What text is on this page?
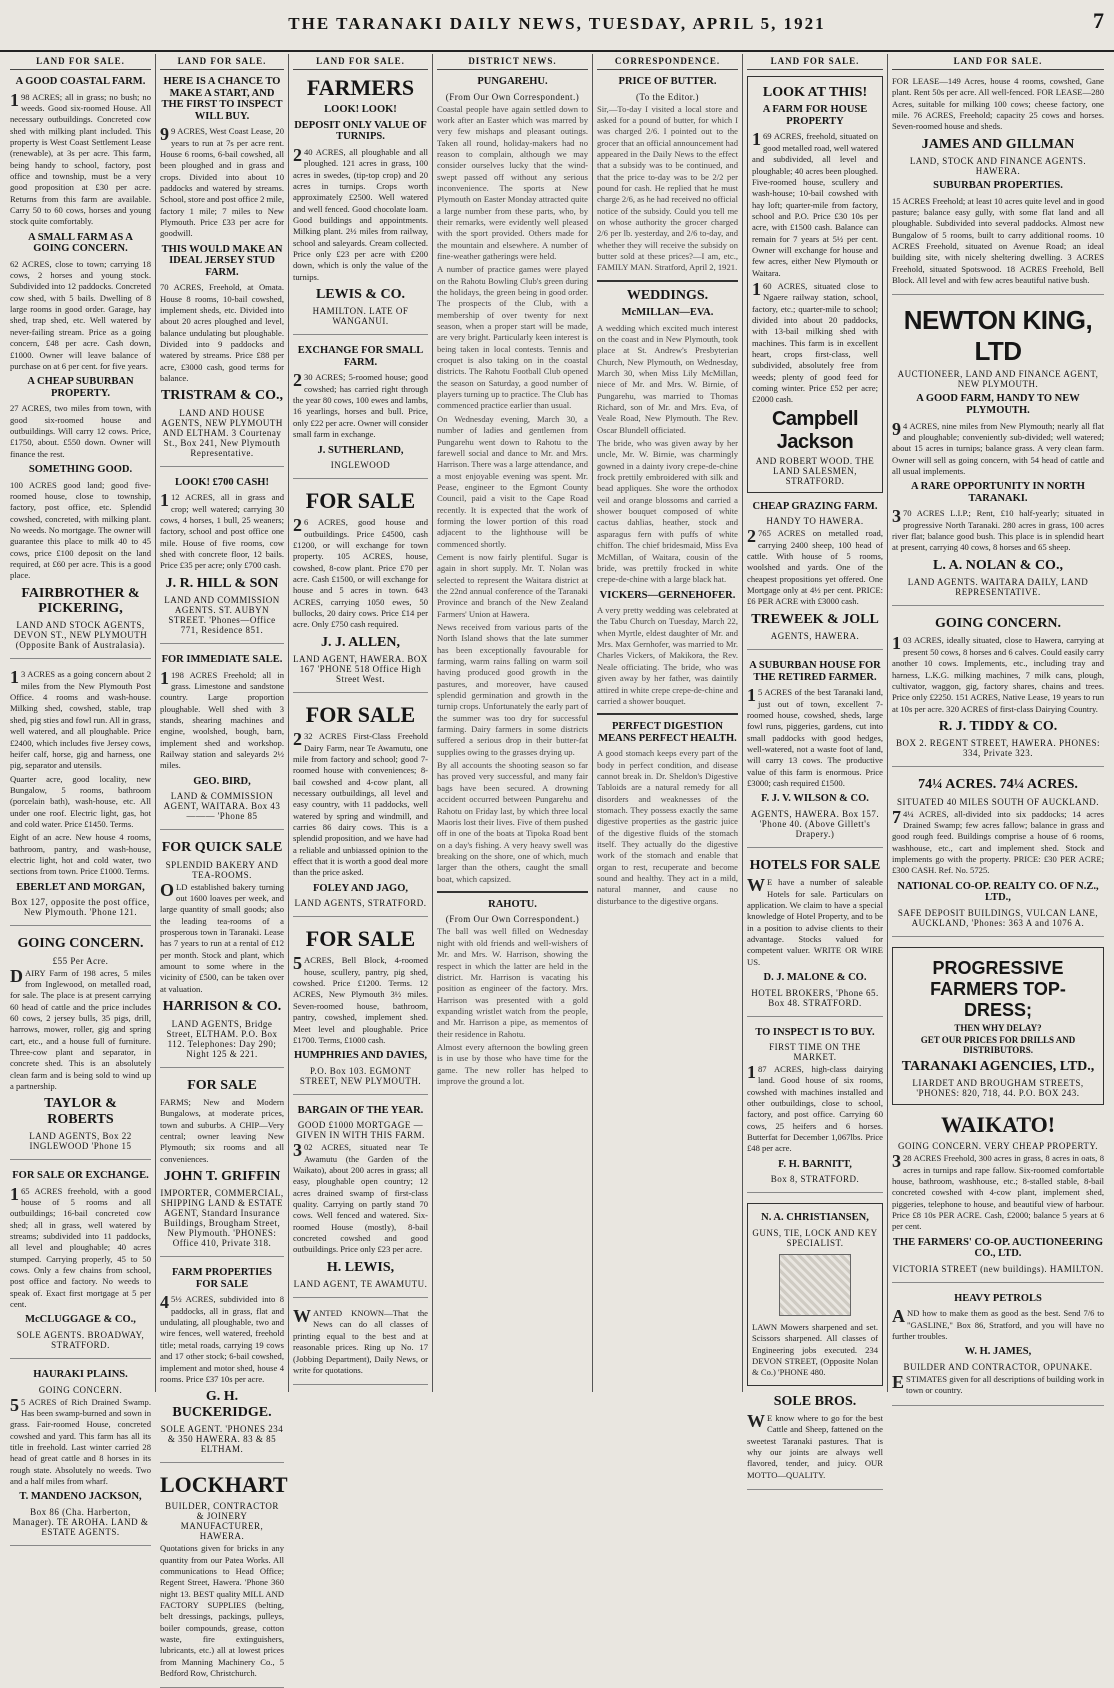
THE TARANAKI DAILY NEWS, TUESDAY, APRIL 5, 1921	7
LAND FOR SALE.
A GOOD COASTAL FARM.
198 ACRES; all in grass; no bush; no weeds. Good six-roomed House. All necessary outbuildings. Concreted cow shed with milking plant included. This property is West Coast Settlement Lease (renewable), at 3s per acre. This farm, being handy to school, factory, post office and township, must be a very good proposition at £30 per acre. Returns from this farm are available. Carry 50 to 60 cows, horses and young stock quite comfortably.
A SMALL FARM AS A GOING CONCERN.
62 ACRES, close to town; carrying 18 cows, 2 horses and young stock. Subdivided into 12 paddocks. Concreted cow shed, with 5 bails. Dwelling of 8 large rooms in good order. Garage, hay shed, trap shed, etc. Well watered by never-failing stream. Price as a going concern, £48 per acre. Cash down, £1000. Owner will leave balance of purchase on at 6 per cent. for five years.
A CHEAP SUBURBAN PROPERTY.
27 ACRES, two miles from town, with good six-roomed house and outbuildings. Will carry 12 cows. Price, £1750, about. £550 down. Owner will finance the rest.
SOMETHING GOOD.
100 ACRES good land; good five-roomed house, close to township, factory, post office, etc. Splendid cowshed, concreted, with milking plant. No weeds. No mortgage. The owner will guarantee this place to milk 40 to 45 cows, price £100 deposit on the land required, at £60 per acre. This is a good place.
FAIRBROTHER & PICKERING,
LAND AND STOCK AGENTS, DEVON ST., NEW PLYMOUTH (Opposite Bank of Australasia).
13 ACRES as a going concern about 2 miles from the New Plymouth Post Office. 4 rooms and wash-house. Milking shed, cowshed, stable, trap shed, pig sties and fowl run. All in grass, well watered, and all ploughable. Price £2400, which includes five Jersey cows, heifer calf, horse, gig and harness, one pig, separator and utensils.
Quarter acre, good locality, new Bungalow, 5 rooms, bathroom (porcelain bath), wash-house, etc. All under one roof. Electric light, gas, hot and cold water. Price £1450. Terms.
Eight of an acre. New house 4 rooms, bathroom, pantry, and wash-house, electric light, hot and cold water, two sections from town. Price £1000. Terms.
EBERLET AND MORGAN,
Box 127, opposite the post office, New Plymouth. 'Phone 121.
GOING CONCERN.
£55 Per Acre.
DAIRY Farm of 198 acres, 5 miles from Inglewood, on metalled road, for sale. The place is at present carrying 60 head of cattle and the price includes 60 cows, 2 jersey bulls, 35 pigs, drill, harrows, mower, roller, gig and spring cart, etc., and a house full of furniture. Three-cow plant and separator, in concrete shed. This is an absolutely clean farm and is being sold to wind up a partnership.
TAYLOR & ROBERTS
LAND AGENTS, Box 22 INGLEWOOD 'Phone 15
FOR SALE OR EXCHANGE.
165 ACRES freehold, with a good house of 5 rooms and all outbuildings; 16-bail concreted cow shed; all in grass, well watered by streams; subdivided into 11 paddocks, all level and ploughable; 40 acres stumped. Carrying properly, 45 to 50 cows. Only a few chains from school, post office and factory. No weeds to speak of. Exact first mortgage at 5 per cent.
McCLUGGAGE & CO.,
SOLE AGENTS. BROADWAY, STRATFORD.
HAURAKI PLAINS.
GOING CONCERN.
55 ACRES of Rich Drained Swamp. Has been swamp-burned and sown in grass. Fair-roomed House, concreted cowshed and yard. This farm has all its title in freehold. Last winter carried 28 head of great cattle and 8 horses in its rough state. Absolutely no weeds. Two and a half miles from wharf.
T. MANDENO JACKSON,
Box 86 (Cha. Harberton, Manager). TE AROHA. LAND & ESTATE AGENTS.
LAND FOR SALE.
HERE IS A CHANCE TO MAKE A START, AND THE FIRST TO INSPECT WILL BUY.
99 ACRES, West Coast Lease, 20 years to run at 7s per acre rent. House 6 rooms, 6-bail cowshed, all been ploughed and in grass and crops. Divided into about 10 paddocks and watered by streams. School, store and post office 2 mile, factory 1 mile; 7 miles to New Plymouth. Price £33 per acre for goodwill.
THIS WOULD MAKE AN IDEAL JERSEY STUD FARM.
70 ACRES, Freehold, at Omata. House 8 rooms, 10-bail cowshed, implement sheds, etc. Divided into about 20 acres ploughed and level, balance undulating but ploughable. Divided into 9 paddocks and watered by streams. Price £88 per acre, £3000 cash, good terms for balance.
TRISTRAM & CO.,
LAND AND HOUSE AGENTS, NEW PLYMOUTH AND ELTHAM. 3 Courtenay St., Box 241, New Plymouth Representative.
LOOK! £700 CASH!
112 ACRES, all in grass and crop; well watered; carrying 30 cows, 4 horses, 1 bull, 25 weaners; factory, school and post office one mile. House of five rooms, cow shed with concrete floor, 12 bails. Price £35 per acre; only £700 cash.
J. R. HILL & SON
LAND AND COMMISSION AGENTS. ST. AUBYN STREET. 'Phones—Office 771, Residence 851.
FOR IMMEDIATE SALE.
1198 ACRES Freehold; all in grass. Limestone and sandstone country. Large proportion ploughable. Well shed with 3 stands, shearing machines and engine, woolshed, bough, barn, implement shed and workshop. Railway station and saleyards 2½ miles.
GEO. BIRD,
LAND & COMMISSION AGENT, WAITARA. Box 43 ——— 'Phone 85
FOR QUICK SALE
SPLENDID BAKERY AND TEA-ROOMS.
OLD established bakery turning out 1600 loaves per week, and large quantity of small goods; also the leading tea-rooms of a prosperous town in Taranaki. Lease has 7 years to run at a rental of £12 per month. Stock and plant, which amount to some where in the vicinity of £500, can be taken over at valuation.
HARRISON & CO.
LAND AGENTS, Bridge Street, ELTHAM. P.O. Box 112. Telephones: Day 290; Night 125 & 221.
FOR SALE
FARMS; New and Modern Bungalows, at moderate prices, town and suburbs. A CHIP—Very central; owner leaving New Plymouth; six rooms and all conveniences.
JOHN T. GRIFFIN
IMPORTER, COMMERCIAL, SHIPPING LAND & ESTATE AGENT, Standard Insurance Buildings, Brougham Street, New Plymouth. 'PHONES: Office 410, Private 318.
FARM PROPERTIES FOR SALE
45½ ACRES, subdivided into 8 paddocks, all in grass, flat and undulating, all ploughable, two and wire fences, well watered, freehold title; metal roads, carrying 19 cows and 17 other stock; 6-bail cowshed, implement and motor shed, house 4 rooms. Price £37 10s per acre.
G. H. BUCKERIDGE.
SOLE AGENT. 'PHONES 234 & 350 HAWERA. 83 & 85 ELTHAM.
LOCKHART
BUILDER, CONTRACTOR & JOINERY MANUFACTURER, HAWERA.
Quotations given for bricks in any quantity from our Patea Works. All communications to Head Office; Regent Street, Hawera. 'Phone 360 night 13. BEST quality MILL AND FACTORY SUPPLIES (belting, belt dressings, packings, pulleys, boiler compounds, grease, cotton waste, fire extinguishers, lubricants, etc.) all at lowest prices from Manning Machinery Co., 5 Bedford Row, Christchurch.
LAND FOR SALE.
FARMERS
LOOK! LOOK!
DEPOSIT ONLY VALUE OF TURNIPS.
240 ACRES, all ploughable and all ploughed. 121 acres in grass, 100 acres in swedes, (tip-top crop) and 20 acres in turnips. Crops worth approximately £2500. Well watered and well fenced. Good chocolate loam. Good buildings and appointments. Milking plant. 2½ miles from railway, school and saleyards. Cream collected. Price only £23 per acre with £200 down, which is only the value of the turnips.
LEWIS & CO.
HAMILTON. LATE OF WANGANUI.
EXCHANGE FOR SMALL FARM.
230 ACRES; 5-roomed house; good cowshed; has carried right through the year 80 cows, 100 ewes and lambs, 16 yearlings, horses and bull. Price, only £22 per acre. Owner will consider small farm in exchange.
J. SUTHERLAND,
INGLEWOOD
FOR SALE
26 ACRES, good house and outbuildings. Price £4500, cash £1200, or will exchange for town property. 105 ACRES, house, cowshed, 8-cow plant. Price £70 per acre. Cash £1500, or will exchange for house and 5 acres in town. 643 ACRES, carrying 1050 ewes, 50 bullocks, 20 dairy cows. Price £14 per acre. Only £750 cash required.
J. J. ALLEN,
LAND AGENT, HAWERA. BOX 167 'PHONE 518 Office High Street West.
FOR SALE
232 ACRES First-Class Freehold Dairy Farm, near Te Awamutu, one mile from factory and school; good 7-roomed house with conveniences; 8-bail cowshed and 4-cow plant, all necessary outbuildings, all level and easy country, with 11 paddocks, well watered by spring and windmill, and carries 86 dairy cows. This is a splendid proposition, and we have had a reliable and unbiassed opinion to the effect that it is worth a good deal more than the price asked.
FOLEY AND JAGO,
LAND AGENTS, STRATFORD.
FOR SALE
5ACRES, Bell Block, 4-roomed house, scullery, pantry, pig shed, cowshed. Price £1200. Terms. 12 ACRES, New Plymouth 3½ miles. Seven-roomed house, bathroom, pantry, cowshed, implement shed. Meet level and ploughable. Price £1700. Terms, £1000 cash.
HUMPHRIES AND DAVIES,
P.O. Box 103. EGMONT STREET, NEW PLYMOUTH.
BARGAIN OF THE YEAR.
GOOD £1000 MORTGAGE — GIVEN IN WITH THIS FARM.
302 ACRES, situated near Te Awamutu (the Garden of the Waikato), about 200 acres in grass; all easy, ploughable open country; 12 acres drained swamp of first-class quality. Carrying on partly stand 70 cows. Well fenced and watered. Six-roomed House (mostly), 8-bail concreted cowshed and good outbuildings. Price only £23 per acre.
H. LEWIS,
LAND AGENT, TE AWAMUTU.
WANTED KNOWN—That the News can do all classes of printing equal to the best and at reasonable prices. Ring up No. 17 (Jobbing Department), Daily News, or write for quotations.
DISTRICT NEWS.
PUNGAREHU.
(From Our Own Correspondent.)
Coastal people have again settled down to work after an Easter which was marred by very few mishaps and pleasant outings. Taken all round, holiday-makers had no reason to complain, although we may consider ourselves lucky that the wind-swept passed off without any serious inconvenience. The sports at New Plymouth on Easter Monday attracted quite a large number from these parts, who, by their remarks, were evidently well pleased with the sport provided. Others made for the mountain and elsewhere. A number of fine-weather gatherings were held.
A number of practice games were played on the Rahotu Bowling Club's green during the holidays, the green being in good order. The prospects of the Club, with a membership of over twenty for next season, when a proper start will be made, are very bright. Particularly keen interest is being taken in local contests. Tennis and croquet is also taking on in the coastal districts. The Rahotu Football Club opened the season on Saturday, a good number of players turning up to practice. The Club has commenced practice earlier than usual.
On Wednesday evening, March 30, a number of ladies and gentlemen from Pungarehu went down to Rahotu to the farewell social and dance to Mr. and Mrs. Harrison. There was a large attendance, and a most enjoyable evening was spent. Mr. Pease, engineer to the Egmont County Council, paid a visit to the Cape Road recently. It is expected that the work of forming the lower portion of this road adjacent to the lighthouse will be commenced shortly.
Cement is now fairly plentiful. Sugar is again in short supply. Mr. T. Nolan was selected to represent the Waitara district at the 22nd annual conference of the Taranaki Province and branch of the New Zealand Farmers' Union at Hawera.
News received from various parts of the North Island shows that the late summer has been exceptionally favourable for farming, warm rains falling on warm soil having produced good growth in the pastures, and moreover, have caused splendid germination and growth in the turnip crops. Unfortunately the early part of the summer was too dry for successful farming. Dairy farmers in some districts suffered a serious drop in their butter-fat supplies owing to the grasses drying up.
By all accounts the shooting season so far has proved very successful, and many fair bags have been secured. A drowning accident occurred between Pungarehu and Rahotu on Friday last, by which three local Maoris lost their lives. Five of them pushed off in one of the boats at Tipoka Road bent on a day's fishing. A very heavy swell was breaking on the shore, one of which, much larger than the others, caught the small boat, which capsized.
RAHOTU.
(From Our Own Correspondent.)
The ball was well filled on Wednesday night with old friends and well-wishers of Mr. and Mrs. W. Harrison, showing the respect in which the latter are held in the district. Mr. Harrison is vacating his position as engineer of the factory. Mrs. Harrison was presented with a gold expanding wristlet watch from the people, and Mr. Harrison a pipe, as mementos of their residence in Rahotu.
Almost every afternoon the bowling green is in use by those who have time for the game. The new roller has helped to improve the ground a lot.
CORRESPONDENCE.
PRICE OF BUTTER.
(To the Editor.)
Sir,—To-day I visited a local store and asked for a pound of butter, for which I was charged 2/6. I pointed out to the grocer that an official announcement had appeared in the Daily News to the effect that a subsidy was to be continued, and that the price to-day was to be 2/2 per pound for cash. He replied that he must charge 2/6, as he had received no official notice of the subsidy. Could you tell me on whose authority the grocer charged 2/6 per lb. yesterday, and 2/6 to-day, and whether they will receive the subsidy on butter sold at these prices?—I am, etc., FAMILY MAN. Stratford, April 2, 1921.
WEDDINGS.
McMILLAN—EVA.
A wedding which excited much interest on the coast and in New Plymouth, took place at St. Andrew's Presbyterian Church, New Plymouth, on Wednesday, March 30, when Miss Lily McMillan, niece of Mr. and Mrs. W. Birnie, of Pungarehu, was married to Thomas Richard, son of Mr. and Mrs. Eva, of Veale Road, New Plymouth. The Rev. Oscar Blundell officiated.
The bride, who was given away by her uncle, Mr. W. Birnie, was charmingly gowned in a dainty ivory crepe-de-chine frock prettily embroidered with silk and bead appliques. She wore the orthodox veil and orange blossoms and carried a shower bouquet composed of white cactus dahlias, heather, stock and asparagus fern with puffs of white chiffon. The chief bridesmaid, Miss Eva McMillan, of Waitara, cousin of the bride, was prettily frocked in white crepe-de-chine with a large black hat.
VICKERS—GERNEHOFER.
A very pretty wedding was celebrated at the Tabu Church on Tuesday, March 22, when Myrtle, eldest daughter of Mr. and Mrs. Max Gernhofer, was married to Mr. Charles Vickers, of Makikora, the Rev. Neale officiating. The bride, who was given away by her father, was daintily attired in white crepe crepe-de-chine and carried a shower bouquet.
PERFECT DIGESTION MEANS PERFECT HEALTH.
A good stomach keeps every part of the body in perfect condition, and disease cannot break in. Dr. Sheldon's Digestive Tabloids are a natural remedy for all disorders and weaknesses of the stomach. They possess exactly the same digestive properties as the gastric juice of the digestive fluids of the stomach itself. They actually do the digestive work of the stomach and enable that organ to rest, recuperate and become sound and healthy. They act in a mild, natural manner, and cause no disturbance to the digestive organs.
LAND FOR SALE.
LOOK AT THIS!
A FARM FOR HOUSE PROPERTY
169 ACRES, freehold, situated on good metalled road, well watered and subdivided, all level and ploughable; 40 acres been ploughed. Five-roomed house, scullery and wash-house; 10-bail cowshed with hay loft; quarter-mile from factory, school and P.O. Price £30 10s per acre, with £1500 cash. Balance can remain for 7 years at 5½ per cent. Owner will exchange for house and few acres, either New Plymouth or Waitara.
160 ACRES, situated close to Ngaere railway station, school, factory, etc.; quarter-mile to school; divided into about 20 paddocks, with 13-bail milking shed with machines. This farm is in excellent heart, crops first-class, well subdivided, absolutely free from weeds; plenty of good feed for coming winter. Price £52 per acre; £2000 cash.
Campbell Jackson
AND ROBERT WOOD. THE LAND SALESMEN, STRATFORD.
CHEAP GRAZING FARM.
HANDY TO HAWERA.
2765 ACRES on metalled road, carrying 2400 sheep, 100 head of cattle. With house of 5 rooms, woolshed and yards. One of the cheapest propositions yet offered. One Mortgage only at 4½ per cent. PRICE: £6 PER ACRE with £3000 cash.
TREWEEK & JOLL
AGENTS, HAWERA.
A SUBURBAN HOUSE FOR THE RETIRED FARMER.
15 ACRES of the best Taranaki land, just out of town, excellent 7-roomed house, cowshed, sheds, large fowl runs, piggeries, gardens, cut into small paddocks with good hedges, well-watered, not a waste foot of land, will carry 13 cows. The productive value of this farm is enormous. Price £3000; cash required £1500.
F. J. V. WILSON & CO.
AGENTS, HAWERA. Box 157. 'Phone 40. (Above Gillett's Drapery.)
HOTELS FOR SALE
WE have a number of saleable Hotels for sale. Particulars on application. We claim to have a special knowledge of Hotel Property, and to be in a position to advise clients to their advantage. Stocks valued for competent valuer. WRITE OR WIRE US.
D. J. MALONE & CO.
HOTEL BROKERS, 'Phone 65. Box 48. STRATFORD.
TO INSPECT IS TO BUY.
FIRST TIME ON THE MARKET.
187 ACRES, high-class dairying land. Good house of six rooms, cowshed with machines installed and other outbuildings, close to school, factory, and post office. Carrying 60 cows, 25 heifers and 6 horses. Butterfat for December 1,067lbs. Price £48 per acre.
F. H. BARNITT,
Box 8, STRATFORD.
N. A. CHRISTIANSEN,
GUNS, TIE, LOCK AND KEY SPECIALIST.
LAWN Mowers sharpened and set. Scissors sharpened. All classes of Engineering jobs executed. 234 DEVON STREET, (Opposite Nolan & Co.) 'PHONE 480.
SOLE BROS.
WE know where to go for the best Cattle and Sheep, fattened on the sweetest Taranaki pastures. That is why our joints are always well flavored, tender, and juicy. OUR MOTTO—QUALITY.
LAND FOR SALE.
FOR LEASE—149 Acres, house 4 rooms, cowshed, Gane plant. Rent 50s per acre. All well-fenced. FOR LEASE—280 Acres, suitable for milking 100 cows; cheese factory, one mile. 76 ACRES, Freehold; capacity 25 cows and horses. Seven-roomed house and sheds.
JAMES AND GILLMAN
LAND, STOCK AND FINANCE AGENTS. HAWERA.
SUBURBAN PROPERTIES.
15 ACRES Freehold; at least 10 acres quite level and in good pasture; balance easy gully, with some flat land and all ploughable. Subdivided into several paddocks. Almost new Bungalow of 5 rooms, built to carry additional rooms. 10 ACRES Freehold, situated on Avenue Road; an ideal building site, with nicely sheltering dwelling. 3 ACRES Freehold, situated Spotswood. 18 ACRES Freehold, Bell Block. All level and with few acres beautiful native bush.
NEWTON KING, LTD
AUCTIONEER, LAND AND FINANCE AGENT, NEW PLYMOUTH.
A GOOD FARM, HANDY TO NEW PLYMOUTH.
94 ACRES, nine miles from New Plymouth; nearly all flat and ploughable; conveniently sub-divided; well watered; about 15 acres in turnips; balance grass. A very clean farm. Owner will sell as going concern, with 54 head of cattle and all usual implements.
A RARE OPPORTUNITY IN NORTH TARANAKI.
370 ACRES L.I.P.; Rent, £10 half-yearly; situated in progressive North Taranaki. 280 acres in grass, 100 acres river flat; balance good bush. This place is in splendid heart at present, carrying 40 cows, 8 horses and 65 sheep.
L. A. NOLAN & CO.,
LAND AGENTS. WAITARA DAILY, LAND REPRESENTATIVE.
GOING CONCERN.
103 ACRES, ideally situated, close to Hawera, carrying at present 50 cows, 8 horses and 6 calves. Could easily carry another 10 cows. Implements, etc., including tray and harness, L.K.G. milking machines, 7 milk cans, plough, cultivator, waggon, gig, factory shares, chains and trees. Price only £2250. 151 ACRES, Native Lease, 19 years to run at 10s per acre. 320 ACRES of first-class Dairying Country.
R. J. TIDDY & CO.
BOX 2. REGENT STREET, HAWERA. PHONES: 334, Private 323.
74¼ ACRES. 74¼ ACRES.
SITUATED 40 MILES SOUTH OF AUCKLAND.
74¼ ACRES, all-divided into six paddocks; 14 acres Drained Swamp; few acres fallow; balance in grass and good rough feed. Buildings comprise a house of 6 rooms, washhouse, etc., cart and implement shed. Stock and implements go with the property. PRICE: £30 PER ACRE; £300 CASH. Ref. No. 5725.
NATIONAL CO-OP. REALTY CO. OF N.Z., LTD.,
SAFE DEPOSIT BUILDINGS, VULCAN LANE, AUCKLAND, 'Phones: 363 A and 1076 A.
PROGRESSIVE FARMERS TOP-DRESS;
THEN WHY DELAY?
GET OUR PRICES FOR DRILLS AND DISTRIBUTORS.
TARANAKI AGENCIES, LTD.,
LIARDET AND BROUGHAM STREETS, 'PHONES: 820, 718, 44. P.O. BOX 243.
WAIKATO!
GOING CONCERN. VERY CHEAP PROPERTY.
328 ACRES Freehold, 300 acres in grass, 8 acres in oats, 8 acres in turnips and rape fallow. Six-roomed comfortable house, bathroom, washhouse, etc.; 8-stalled stable, 8-bail concreted cowshed with 4-cow plant, implement shed, piggeries, telephone to house, and beautiful view of harbour. Price £8 10s PER ACRE. Cash, £2000; balance 5 years at 6 per cent.
THE FARMERS' CO-OP. AUCTIONEERING CO., LTD.
VICTORIA STREET (new buildings). HAMILTON.
HEAVY PETROLS
AND how to make them as good as the best. Send 7/6 to "GASLINE," Box 86, Stratford, and you will have no further troubles.
W. H. JAMES,
BUILDER AND CONTRACTOR, OPUNAKE.
ESTIMATES given for all descriptions of building work in town or country.
